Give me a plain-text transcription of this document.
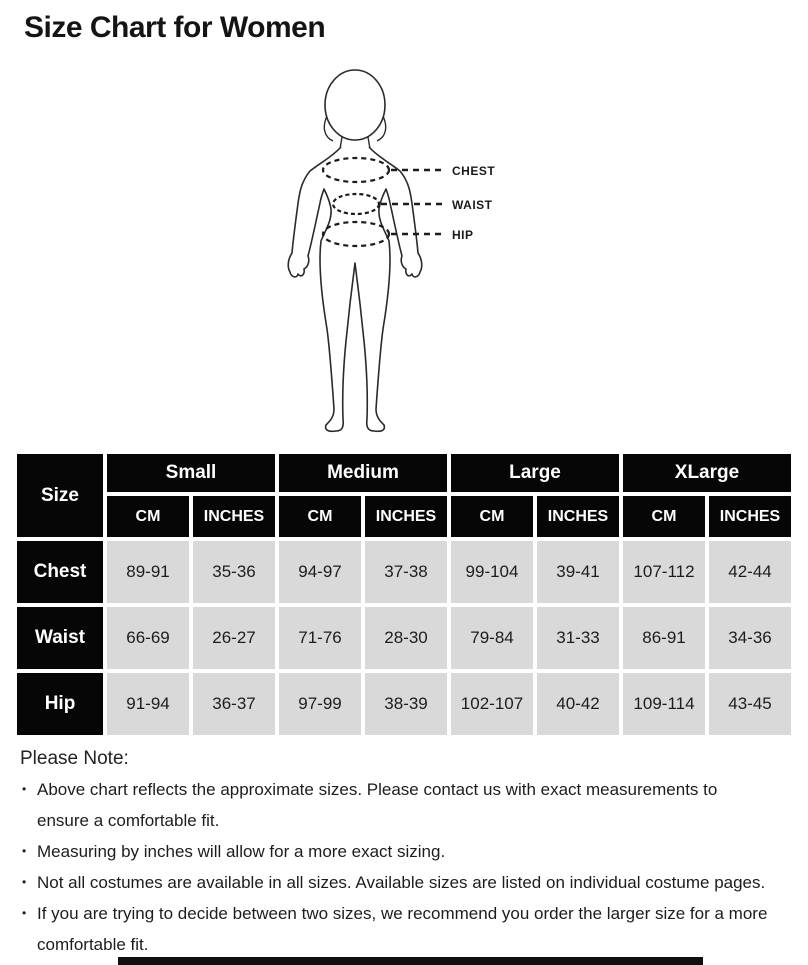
Size Chart for Women
CHEST
WAIST
HIP
Size	Small		Medium		Large		XLarge	
	CM	INCHES	CM	INCHES	CM	INCHES	CM	INCHES
Chest	89-91	35-36	94-97	37-38	99-104	39-41	107-112	42-44
Waist	66-69	26-27	71-76	28-30	79-84	31-33	86-91	34-36
Hip	91-94	36-37	97-99	38-39	102-107	40-42	109-114	43-45
Please Note:
• Above chart reflects the approximate sizes. Please contact us with exact measurements to
ensure a comfortable fit.
• Measuring by inches will allow for a more exact sizing.
• Not all costumes are available in all sizes. Available sizes are listed on individual costume pages.
• If you are trying to decide between two sizes, we recommend you order the larger size for a more
comfortable fit.
